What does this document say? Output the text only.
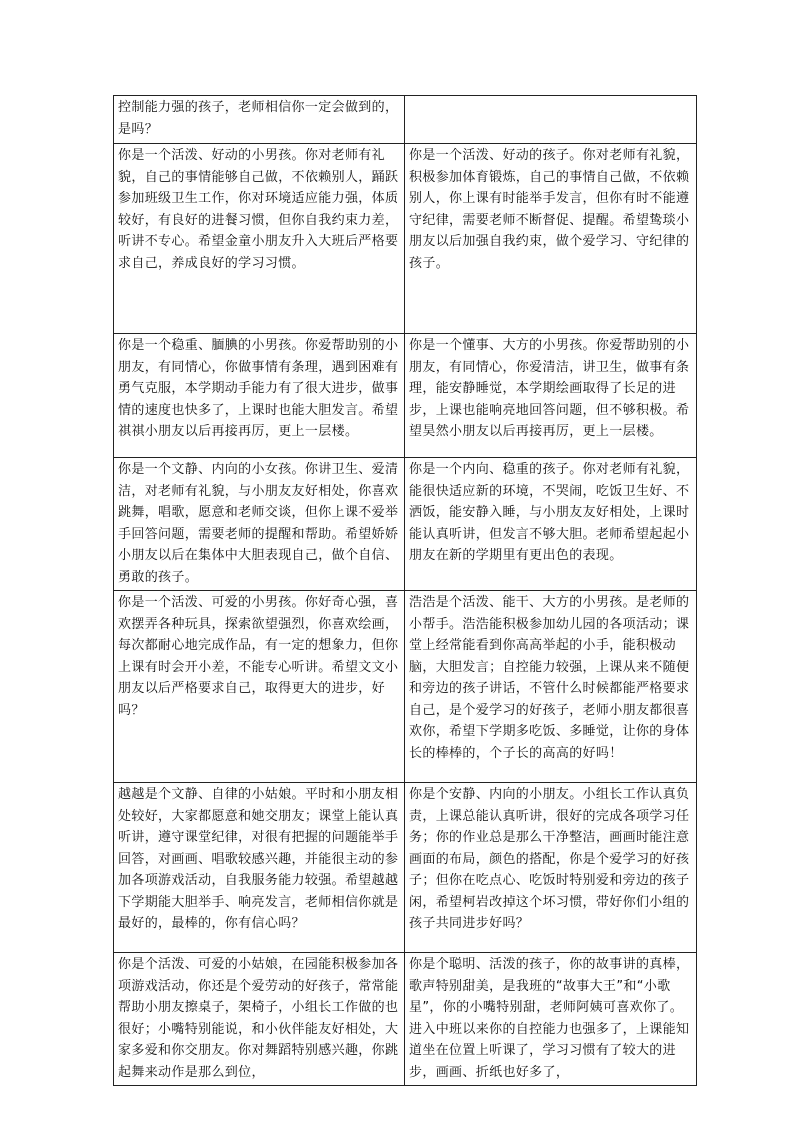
控制能力强的孩子，老师相信你一定会做到的，是吗？	
你是一个活泼、好动的小男孩。你对老师有礼貌，自己的事情能够自己做，不依赖别人，踊跃参加班级卫生工作，你对环境适应能力强，体质较好，有良好的进餐习惯，但你自我约束力差，听讲不专心。希望金童小朋友升入大班后严格要求自己，养成良好的学习习惯。	你是一个活泼、好动的孩子。你对老师有礼貌，积极参加体育锻炼，自己的事情自己做，不依赖别人，你上课有时能举手发言，但你有时不能遵守纪律，需要老师不断督促、提醒。希望鸷琰小朋友以后加强自我约束，做个爱学习、守纪律的孩子。
你是一个稳重、腼腆的小男孩。你爱帮助别的小朋友，有同情心，你做事情有条理，遇到困难有勇气克服，本学期动手能力有了很大进步，做事情的速度也快多了，上课时也能大胆发言。希望祺祺小朋友以后再接再厉，更上一层楼。	你是一个懂事、大方的小男孩。你爱帮助别的小朋友，有同情心，你爱清洁，讲卫生，做事有条理，能安静睡觉，本学期绘画取得了长足的进步，上课也能响亮地回答问题，但不够积极。希望昊然小朋友以后再接再厉，更上一层楼。
你是一个文静、内向的小女孩。你讲卫生、爱清洁，对老师有礼貌，与小朋友友好相处，你喜欢跳舞，唱歌，愿意和老师交谈，但你上课不爱举手回答问题，需要老师的提醒和帮助。希望娇娇小朋友以后在集体中大胆表现自己，做个自信、勇敢的孩子。	你是一个内向、稳重的孩子。你对老师有礼貌，能很快适应新的环境，不哭闹，吃饭卫生好、不洒饭，能安静入睡，与小朋友友好相处，上课时能认真听讲，但发言不够大胆。老师希望起起小朋友在新的学期里有更出色的表现。
你是一个活泼、可爱的小男孩。你好奇心强，喜欢摆弄各种玩具，探索欲望强烈，你喜欢绘画，每次都耐心地完成作品，有一定的想象力，但你上课有时会开小差，不能专心听讲。希望文文小朋友以后严格要求自己，取得更大的进步，好吗？	浩浩是个活泼、能干、大方的小男孩。是老师的小帮手。浩浩能积极参加幼儿园的各项活动；课堂上经常能看到你高高举起的小手，能积极动脑，大胆发言；自控能力较强，上课从来不随便和旁边的孩子讲话，不管什么时候都能严格要求自己，是个爱学习的好孩子，老师小朋友都很喜欢你，希望下学期多吃饭、多睡觉，让你的身体长的棒棒的，个子长的高高的好吗！
越越是个文静、自律的小姑娘。平时和小朋友相处较好，大家都愿意和她交朋友；课堂上能认真听讲，遵守课堂纪律，对很有把握的问题能举手回答，对画画、唱歌较感兴趣，并能很主动的参加各项游戏活动，自我服务能力较强。希望越越下学期能大胆举手、响亮发言，老师相信你就是最好的，最棒的，你有信心吗？	你是个安静、内向的小朋友。小组长工作认真负责，上课总能认真听讲，很好的完成各项学习任务；你的作业总是那么干净整洁，画画时能注意画面的布局，颜色的搭配，你是个爱学习的好孩子；但你在吃点心、吃饭时特别爱和旁边的孩子闲，希望柯岩改掉这个坏习惯，带好你们小组的孩子共同进步好吗？
你是个活泼、可爱的小姑娘，在园能积极参加各项游戏活动，你还是个爱劳动的好孩子，常常能帮助小朋友擦桌子，架椅子，小组长工作做的也很好；小嘴特别能说，和小伙伴能友好相处，大家多爱和你交朋友。你对舞蹈特别感兴趣，你跳起舞来动作是那么到位，	你是个聪明、活泼的孩子，你的故事讲的真棒，歌声特别甜美，是我班的“故事大王”和“小歌星”，你的小嘴特别甜，老师阿姨可喜欢你了。进入中班以来你的自控能力也强多了，上课能知道坐在位置上听课了，学习习惯有了较大的进步，画画、折纸也好多了，
